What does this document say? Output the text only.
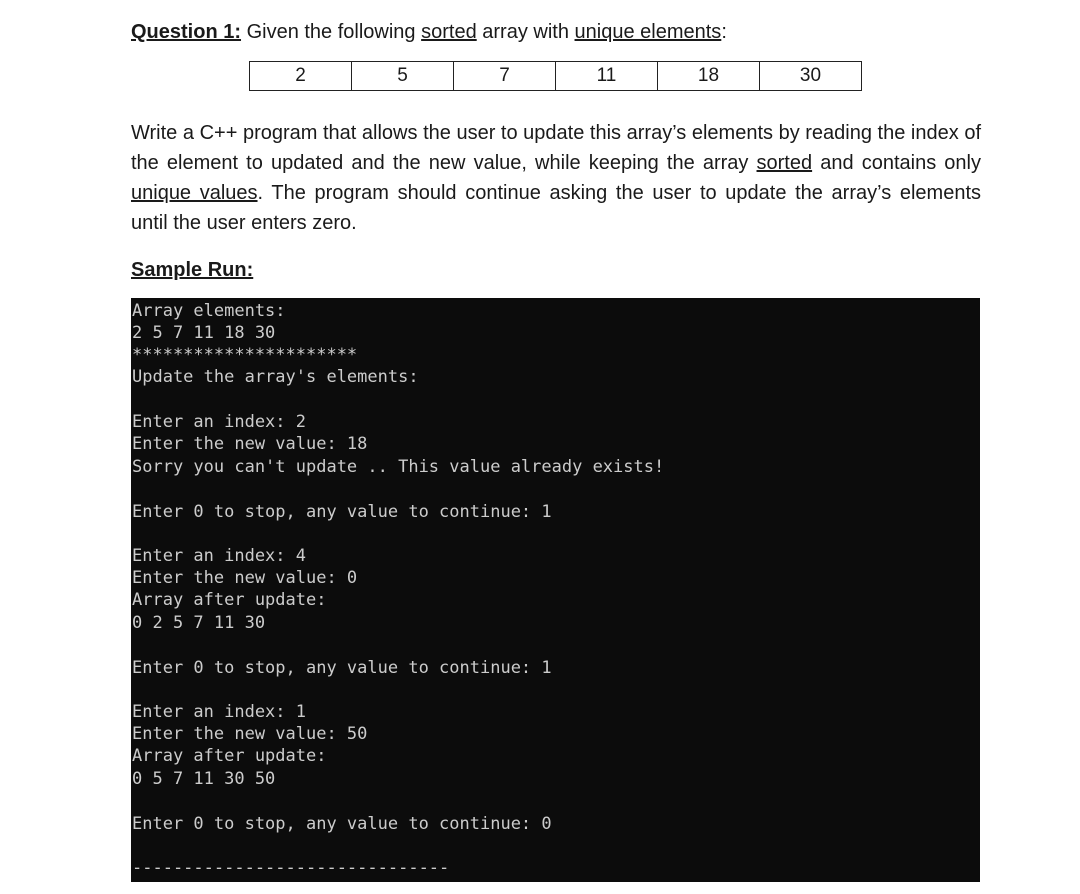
Question 1: Given the following sorted array with unique elements:
2	5	7	11	18	30
Write a C++ program that allows the user to update this array’s elements by reading the index of the element to updated and the new value, while keeping the array sorted and contains only unique values. The program should continue asking the user to update the array’s elements until the user enters zero.
Sample Run:
Array elements:
2 5 7 11 18 30
**********************
Update the array's elements:
Enter an index: 2
Enter the new value: 18
Sorry you can't update .. This value already exists!
Enter 0 to stop, any value to continue: 1
Enter an index: 4
Enter the new value: 0
Array after update:
0 2 5 7 11 30
Enter 0 to stop, any value to continue: 1
Enter an index: 1
Enter the new value: 50
Array after update:
0 5 7 11 30 50
Enter 0 to stop, any value to continue: 0
-------------------------------
